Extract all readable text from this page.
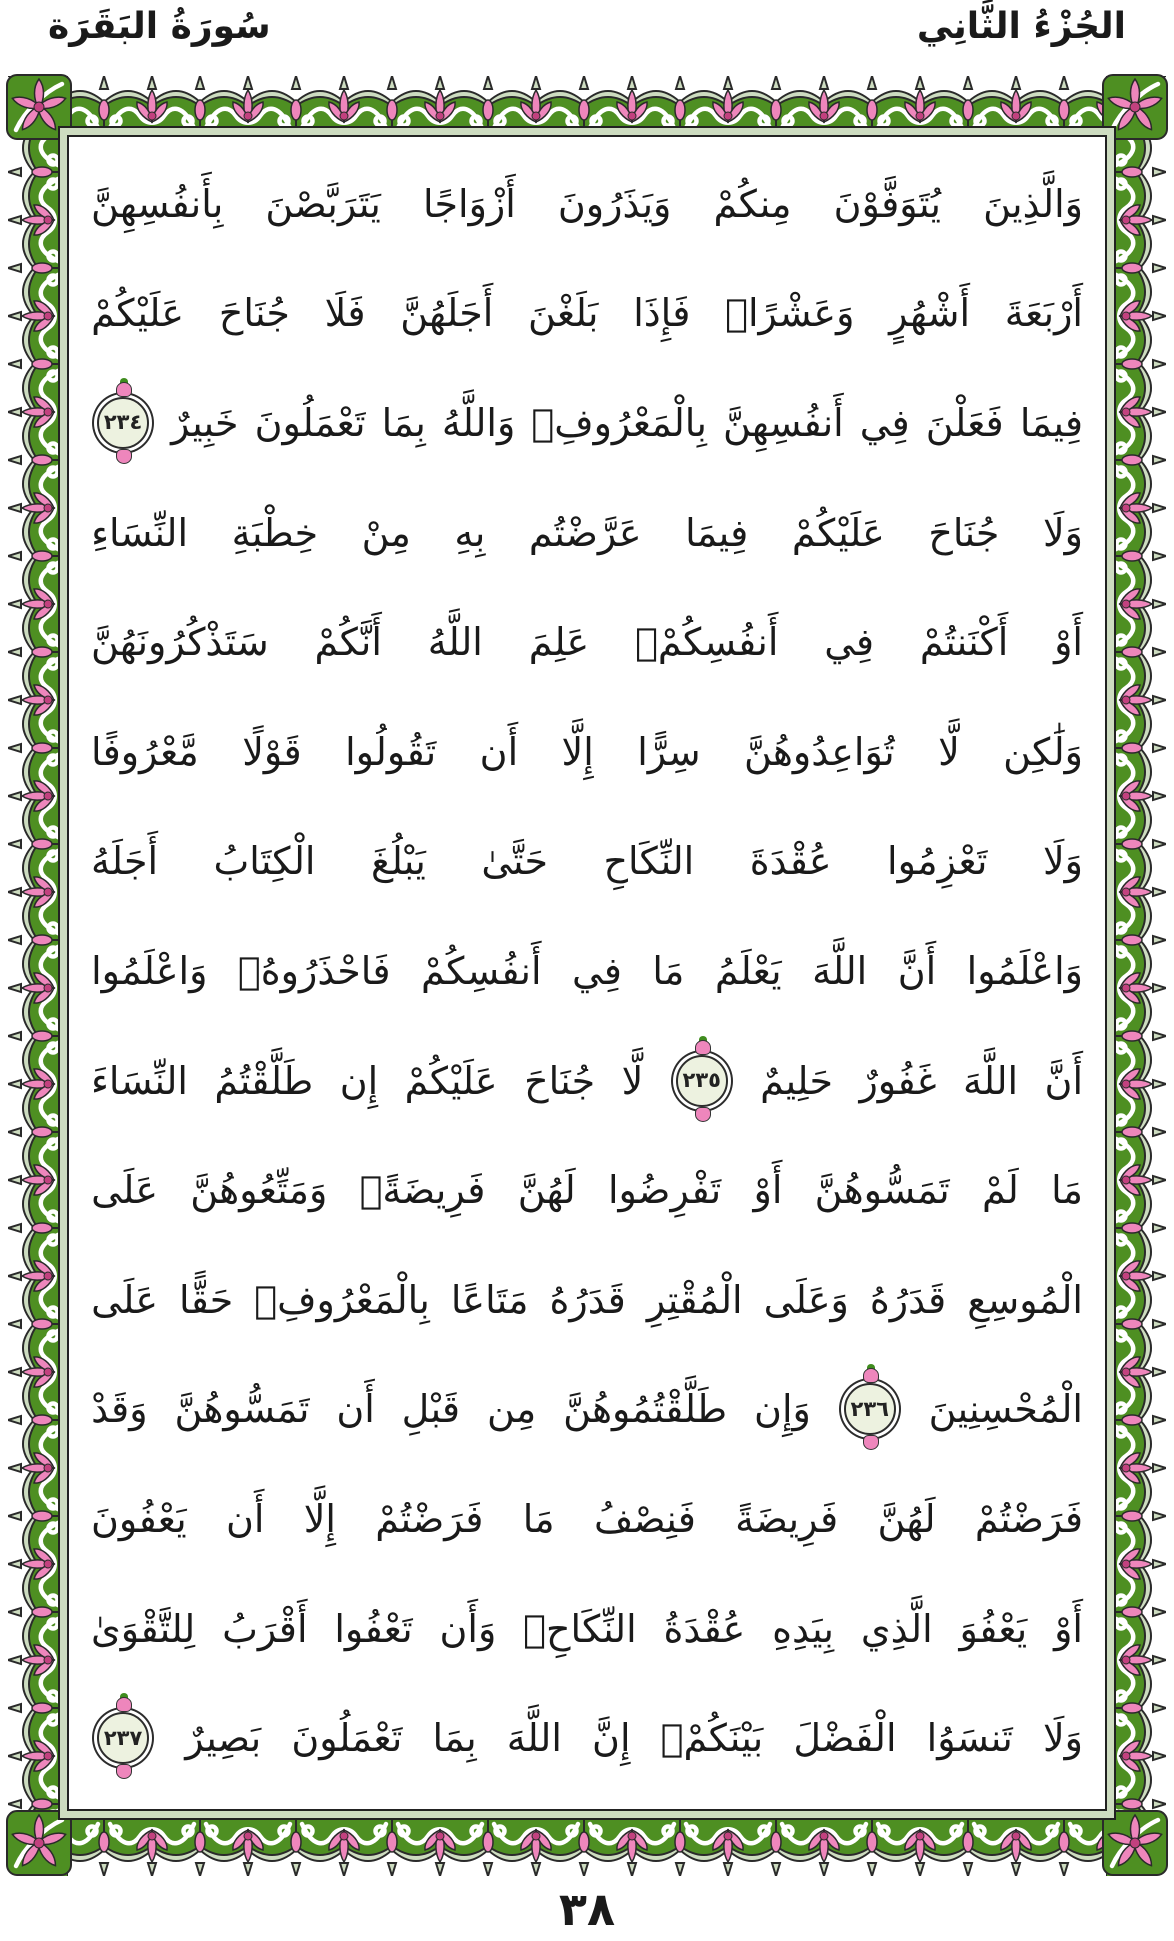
الجُزْءُ الثَّانِي
سُورَةُ البَقَرَة
وَالَّذِينَ
يُتَوَفَّوْنَ
مِنكُمْ
وَيَذَرُونَ
أَزْوَاجًا
يَتَرَبَّصْنَ
بِأَنفُسِهِنَّ
أَرْبَعَةَ
أَشْهُرٍ
وَعَشْرًاۖ
فَإِذَا
بَلَغْنَ
أَجَلَهُنَّ
فَلَا
جُنَاحَ
عَلَيْكُمْ
فِيمَا
فَعَلْنَ
فِي
أَنفُسِهِنَّ
بِالْمَعْرُوفِۗ
وَاللَّهُ
بِمَا
تَعْمَلُونَ
خَبِيرٌ
٢٣٤
وَلَا
جُنَاحَ
عَلَيْكُمْ
فِيمَا
عَرَّضْتُم
بِهِ
مِنْ
خِطْبَةِ
النِّسَاءِ
أَوْ
أَكْنَنتُمْ
فِي
أَنفُسِكُمْۚ
عَلِمَ
اللَّهُ
أَنَّكُمْ
سَتَذْكُرُونَهُنَّ
وَلَٰكِن
لَّا
تُوَاعِدُوهُنَّ
سِرًّا
إِلَّا
أَن
تَقُولُوا
قَوْلًا
مَّعْرُوفًا
وَلَا
تَعْزِمُوا
عُقْدَةَ
النِّكَاحِ
حَتَّىٰ
يَبْلُغَ
الْكِتَابُ
أَجَلَهُ
وَاعْلَمُوا
أَنَّ
اللَّهَ
يَعْلَمُ
مَا
فِي
أَنفُسِكُمْ
فَاحْذَرُوهُۚ
وَاعْلَمُوا
أَنَّ
اللَّهَ
غَفُورٌ
حَلِيمٌ
٢٣٥
لَّا
جُنَاحَ
عَلَيْكُمْ
إِن
طَلَّقْتُمُ
النِّسَاءَ
مَا
لَمْ
تَمَسُّوهُنَّ
أَوْ
تَفْرِضُوا
لَهُنَّ
فَرِيضَةًۚ
وَمَتِّعُوهُنَّ
عَلَى
الْمُوسِعِ
قَدَرُهُ
وَعَلَى
الْمُقْتِرِ
قَدَرُهُ
مَتَاعًا
بِالْمَعْرُوفِۖ
حَقًّا
عَلَى
الْمُحْسِنِينَ
٢٣٦
وَإِن
طَلَّقْتُمُوهُنَّ
مِن
قَبْلِ
أَن
تَمَسُّوهُنَّ
وَقَدْ
فَرَضْتُمْ
لَهُنَّ
فَرِيضَةً
فَنِصْفُ
مَا
فَرَضْتُمْ
إِلَّا
أَن
يَعْفُونَ
أَوْ
يَعْفُوَ
الَّذِي
بِيَدِهِ
عُقْدَةُ
النِّكَاحِۚ
وَأَن
تَعْفُوا
أَقْرَبُ
لِلتَّقْوَىٰ
وَلَا
تَنسَوُا
الْفَضْلَ
بَيْنَكُمْۚ
إِنَّ
اللَّهَ
بِمَا
تَعْمَلُونَ
بَصِيرٌ
٢٣٧
٣٨
